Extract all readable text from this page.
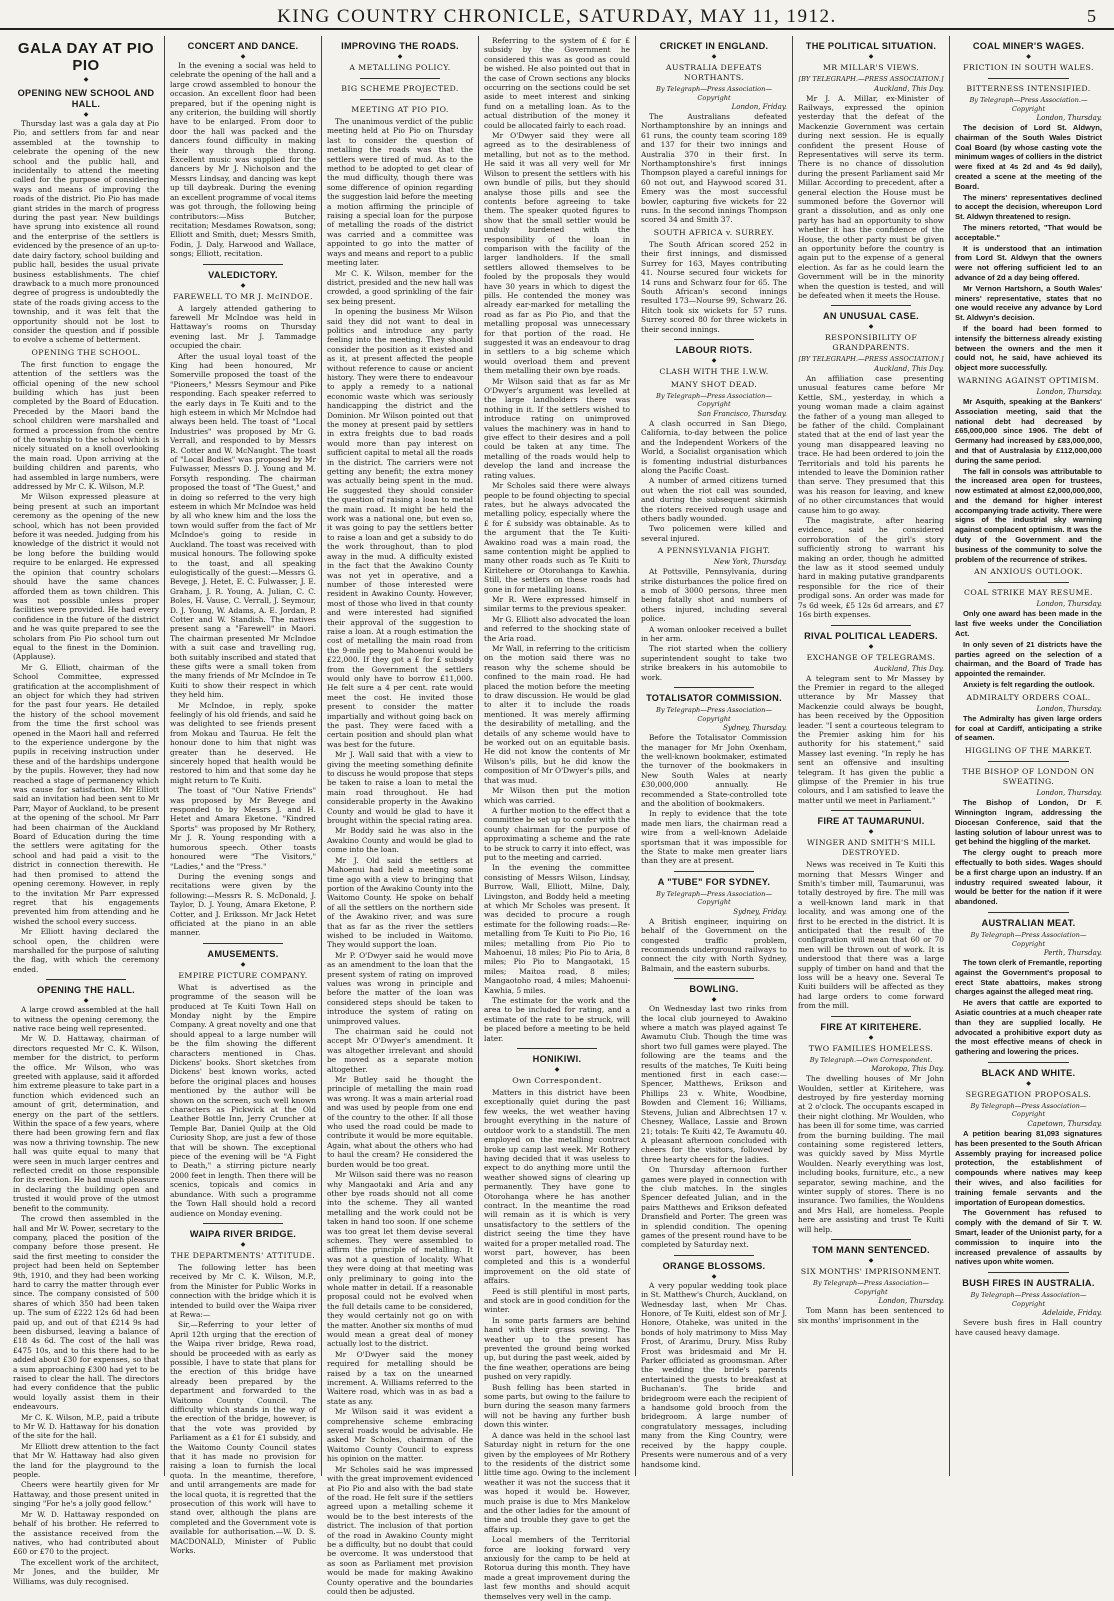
KING COUNTRY CHRONICLE, SATURDAY, MAY 11, 1912.	5
GALA DAY AT PIO PIO
◆
OPENING NEW SCHOOL AND HALL.
◆

Thursday last was a gala day at Pio Pio, and settlers from far and near assembled at the township to celebrate the opening of the new school and the public hall, and incidentally to attend the meeting called for the purpose of considering ways and means of improving the roads of the district. Pio Pio has made giant strides in the march of progress during the past year. New buildings have sprung into existence all round and the enterprise of the settlers is evidenced by the presence of an up-to-date dairy factory, school building and public hall, besides the usual private business establishments. The chief drawback to a much more pronounced degree of progress is undoubtedly the state of the roads giving access to the township, and it was felt that the opportunity should not be lost to consider the question and if possible to evolve a scheme of betterment.

OPENING THE SCHOOL.

The first function to engage the attention of the settlers was the official opening of the new school building which has just been completed by the Board of Education. Preceded by the Maori band the school children were marshalled and formed a procession from the centre of the township to the school which is nicely situated on a knoll overlooking the main road. Upon arriving at the building children and parents, who had assembled in large numbers, were addressed by Mr C. K. Wilson, M.P.

Mr Wilson expressed pleasure at being present at such an important ceremony as the opening of the new school, which has not been provided before it was needed. Judging from his knowledge of the district it would not be long before the building would require to be enlarged. He expressed the opinion that country scholars should have the same chances afforded them as town children. This was not possible unless proper facilities were provided. He had every confidence in the future of the district and he was quite prepared to see the scholars from Pio Pio school turn out equal to the finest in the Dominion. (Applause).

Mr G. Elliott, chairman of the School Committee, expressed gratification at the accomplishment of an object for which they had striven for the past four years. He detailed the history of the school movement from the time the first school was opened in the Maori hall and referred to the experience undergone by the pupils in receiving instruction under these and of the hardships undergone by the pupils. However, they had now reached a stage of permanency which was cause for satisfaction. Mr Elliott said an invitation had been sent to Mr Parr, Mayor of Auckland, to be present at the opening of the school. Mr Parr had been chairman of the Auckland Board of Education during the time the settlers were agitating for the school and had paid a visit to the district in connection therewith. He had then promised to attend the opening ceremony. However, in reply to the invitation Mr Parr expressed regret that his engagements prevented him from attending and he wished the school every success.

Mr Elliott having declared the school open, the children were marshalled for the purpose of saluting the flag, with which the ceremony ended.

OPENING THE HALL.
◆

A large crowd assembled at the hall to witness the opening ceremony, the native race being well represented.

Mr W. D. Hattaway, chairman of directors requested Mr C. K. Wilson, member for the district, to perform the office. Mr Wilson, who was greeted with applause, said it afforded him extreme pleasure to take part in a function which evidenced such an amount of grit, determination, and energy on the part of the settlers. Within the space of a few years, where there had been growing fern and flax was now a thriving township. The new hall was quite equal to many that were seen in much larger centres and reflected credit on those responsible for its erection. He had much pleasure in declaring the building open and trusted it would prove of the utmost benefit to the community.

The crowd then assembled in the hall and Mr W. Power, secretary to the company, placed the position of the company before those present. He said the first meeting to consider the project had been held on September 9th, 1910, and they had been working hard to carry the matter through ever since. The company consisted of 500 shares of which 350 had been taken up. The sum of £222 12s 6d had been paid up, and out of that £214 9s had been disbursed, leaving a balance of £18 4s 6d. The cost of the hall was £475 10s, and to this there had to be added about £30 for expenses, so that a sum approaching £300 had yet to be raised to clear the hall. The directors had every confidence that the public would loyally assist them in their endeavours.

Mr C. K. Wilson, M.P., paid a tribute to Mr W. D. Hattaway for his donation of the site for the hall.

Mr Elliott drew attention to the fact that Mr W. Hattaway had also given the land for the playground to the people.

Cheers were heartily given for Mr Hattaway, and those present united in singing "For he's a jolly good fellow."

Mr W. D. Hattaway responded on behalf of his brother. He referred to the assistance received from the natives, who had contributed about £60 or £70 to the project.

The excellent work of the architect, Mr Jones, and the builder, Mr Williams, was duly recognised.

CONCERT AND DANCE.
◆

In the evening a social was held to celebrate the opening of the hall and a large crowd assembled to honour the occasion. An excellent floor had been prepared, but if the opening night is any criterion, the building will shortly have to be enlarged. From door to door the hall was packed and the dancers found difficulty in making their way through the throng. Excellent music was supplied for the dancers by Mr J. Nicholson and the Messrs Lindsay, and dancing was kept up till daybreak. During the evening an excellent programme of vocal items was got through, the following being contributors:—Miss Butcher, recitation; Mesdames Rowatson, song; Elliott and Smith, duet; Messrs Smith, Fodin, J. Daly, Harwood and Wallace, songs; Elliott, recitation.

VALEDICTORY.
◆
FAREWELL TO MR J. McINDOE.

A largely attended gathering to farewell Mr McIndoe was held in Hattaway's rooms on Thursday evening last. Mr J. Tammadge occupied the chair.

After the usual loyal toast of the King had been honoured, Mr Somerville proposed the toast of the "Pioneers," Messrs Seymour and Pike responding. Each speaker referred to the early days in Te Kuiti and to the high esteem in which Mr McIndoe had always been held. The toast of "Local Industries" was proposed by Mr G. Verrall, and responded to by Messrs R. Cotter and W. McNaught. The toast of "Local Bodies" was proposed by Mr Fulwasser, Messrs D. J. Young and M. Forsyth responding. The chairman proposed the toast of "The Guest," and in doing so referred to the very high esteem in which Mr McIndoe was held by all who knew him and the loss the town would suffer from the fact of Mr McIndoe's going to reside in Auckland. The toast was received with musical honours. The following spoke to the toast, and all speaking eulogistically of the guest:—Messrs G. Bevege, J. Hetet, E. C. Fulwasser, J. E. Graham, J. R. Young, A. Julian, C. C. Boles, H. Vause, C. Verrall, J. Seymour, D. J. Young, W. Adams, A. E. Jordan, P. Cotter and W. Standish. The natives present sang a "Farewell" in Maori. The chairman presented Mr McIndoe with a suit case and travelling rug, both suitably inscribed and stated that these gifts were a small token from the many friends of Mr McIndoe in Te Kuiti to show their respect in which they held him.

Mr McIndoe, in reply, spoke feelingly of his old friends, and said he was delighted to see friends present from Mokau and Taurua. He felt the honour done to him that night was greater than he deserved. He sincerely hoped that health would be restored to him and that some day he might return to Te Kuiti.

The toast of "Our Native Friends" was proposed by Mr Bevege and responded to by Messrs J. and H. Hetet and Amara Eketone. "Kindred Sports" was proposed by Mr Rothery, Mr J. R. Young responding with a humorous speech. Other toasts honoured were "The Visitors," "Ladies," and the "Press."

During the evening songs and recitations were given by the following:—Messrs R. S. McDonald, J. Taylor, D. J. Young, Amara Eketone, P. Cotter, and J. Eriksson. Mr Jack Hetet officiated at the piano in an able manner.

AMUSEMENTS.
◆
EMPIRE PICTURE COMPANY.

What is advertised as the programme of the season will be produced at Te Kuiti Town Hall on Monday night by the Empire Company. A great novelty and one that should appeal to a large number will be the film showing the different characters mentioned in Chas. Dickens' books. Short sketches from Dickens' best known works, acted before the original places and houses mentioned by the author will be shown on the screen, such well known characters as Pickwick at the Old Leather Bottle Inn, Jerry Cruncher at Temple Bar, Daniel Quilp at the Old Curiosity Shop, are just a few of those that will be shown. The exceptional piece of the evening will be "A Fight to Death," a stirring picture nearly 2000 feet in length. Then there will be scenics, topicals and comics in abundance. With such a programme the Town Hall should hold a record audience on Monday evening.

WAIPA RIVER BRIDGE.
◆
THE DEPARTMENTS' ATTITUDE.

The following letter has been received by Mr C. K. Wilson, M.P., from the Minister for Public Works in connection with the bridge which it is intended to build over the Waipa river at Rewa:—

Sir,—Referring to your letter of April 12th urging that the erection of the Waipa river bridge, Rewa road, should be proceeded with as early as possible, I have to state that plans for the erection of this bridge have already been prepared by the department and forwarded to the Waitomo County Council. The difficulty which stands in the way of the erection of the bridge, however, is that the vote was provided by Parliament as a £1 for £1 subsidy, and the Waitomo County Council states that it has made no provision for raising a loan to furnish the local quota. In the meantime, therefore, and until arrangements are made for the local quota, it is regretted that the prosecution of this work will have to stand over, although the plans are completed and the Government vote is available for authorisation.—W. D. S. MACDONALD, Minister of Public Works.

IMPROVING THE ROADS.
◆
A METALLING POLICY.
BIG SCHEME PROJECTED.
MEETING AT PIO PIO.

The unanimous verdict of the public meeting held at Pio Pio on Thursday last to consider the question of metalling the roads was that the settlers were tired of mud. As to the method to be adopted to get clear of the mud difficulty, though there was some difference of opinion regarding the suggestion laid before the meeting a motion affirming the principle of raising a special loan for the purpose of metalling the roads of the district was carried and a committee was appointed to go into the matter of ways and means and report to a public meeting later.

Mr C. K. Wilson, member for the district, presided and the new hall was crowded, a good sprinkling of the fair sex being present.

In opening the business Mr Wilson said they did not want to deal in politics and introduce any party feeling into the meeting. They should consider the position as it existed and as it, at present affected the people without reference to cause or ancient history. They were there to endeavour to apply a remedy to a national economic waste which was seriously handicapping the district and the Dominion. Mr Wilson pointed out that the money at present paid by settlers in extra freights due to bad roads would more than pay interest on sufficient capital to metal all the roads in the district. The carriers were not getting any benefit; the extra money was actually being spent in the mud. He suggested they should consider the question of raising a loan to metal the main road. It might be held the work was a national one, but even so, it was going to pay the settlers better to raise a loan and get a subsidy to do the work throughout, than to plod away in the mud. A difficulty existed in the fact that the Awakino County was not yet in operative, and a number of those interested were resident in Awakino County. However, most of those who lived in that county and were interested had signified their approval of the suggestion to raise a loan. At a rough estimation the cost of metalling the main road from the 9-mile peg to Mahoenui would be £22,000. If they got a £ for £ subsidy from the Government the settlers would only have to borrow £11,000. He felt sure a 4 per cent. rate would meet the cost. He invited those present to consider the matter impartially and without going back on the past. They were faced with a certain position and should plan what was best for the future.

Mr J. Wall said that with a view to giving the meeting something definite to discuss he would propose that steps be taken to raise a loan to metal the main road throughout. He had considerable property in the Awakino County and would be glad to have it brought within the special rating area.

Mr Boddy said he was also in the Awakino County and would be glad to come into the loan.

Mr J. Old said the settlers at Mahoenui had held a meeting some time ago with a view to bringing that portion of the Awakino County into the Waitomo County. He spoke on behalf of all the settlers on the northern side of the Awakino river, and was sure that as far as the river the settlers wished to be included in Waitomo. They would support the loan.

Mr P. O'Dwyer said he would move as an amendment to the loan that the present system of rating on improved values was wrong in principle and before the matter of the loan was considered steps should be taken to introduce the system of rating on unimproved values.

The chairman said he could not accept Mr O'Dwyer's amendment. It was altogether irrelevant and should be moved as a separate motion altogether.

Mr Butley said he thought the principle of metalling the main road was wrong. It was a main arterial road and was used by people from one end of the country to the other. If all those who used the road could be made to contribute it would be more equitable. Again, what about the others who had to haul the cream? He considered the burden would be too great.

Mr Wilson said there was no reason why Mangaotaki and Aria and any other bye roads should not all come into the scheme. They all wanted metalling and the work could not be taken in hand too soon. If one scheme was too great let them devise several schemes. They were assembled to affirm the principle of metalling. It was not a question of locality. What they were doing at that meeting was only preliminary to going into the whole matter in detail. If a reasonable proposal could not be evolved when the full details came to be considered, they would certainly not go on with the matter. Another six months of mud would mean a great deal of money actually lost to the district.

Mr O'Dwyer said the money required for metalling should be raised by a tax on the unearned increment. A. Williams referred to the Waitere road, which was in as bad a state as any.

Mr Wilson said it was evident a comprehensive scheme embracing several roads would be advisable. He asked Mr Scholes, chairman of the Waitomo County Council to express his opinion on the matter.

Mr Scholes said he was impressed with the great improvement evidenced at Pio Pio and also with the bad state of the road. He felt sure if the settlers agreed upon a metalling scheme it would be to the best interests of the district. The inclusion of that portion of the road in Awakino County might be a difficulty, but no doubt that could be overcome. It was understood that as soon as Parliament met provision would be made for making Awakino County operative and the boundaries could then be adjusted.

Referring to the system of £ for £ subsidy by the Government he considered this was as good as could be wished. He also pointed out that in the case of Crown sections any blocks occurring on the sections could be set aside to meet interest and sinking fund on a metalling loan. As to the actual distribution of the money it could be allocated fairly to each road.

Mr O'Dwyer said they were all agreed as to the desirableness of metalling, but not as to the method. He said it was all very well for Mr Wilson to present the settlers with his own bundle of pills, but they should analyse those pills and see the contents before agreeing to take them. The speaker quoted figures to show that the small settler would be unduly burdened with the responsibility of the loan in comparison with the facility of the larger landholders. If the small settlers allowed themselves to be fooled by the proposals they would have 30 years in which to digest the pills. He contended the money was already ear-marked for metalling the road as far as Pio Pio, and that the metalling proposal was unnecessary for that portion of the road. He suggested it was an endeavour to drag in settlers to a big scheme which would overload them and prevent them metalling their own bye roads.

Mr Wilson said that as far as Mr O'Dwyer's argument was levelled at the large landholders there was nothing in it. If the settlers wished to introduce rating on unimproved values the machinery was in hand to give effect to their desires and a poll could be taken at any time. The metalling of the roads would help to develop the land and increase the rating values.

Mr Scholes said there were always people to be found objecting to special rates, but he always advocated the metalling policy, especially where the £ for £ subsidy was obtainable. As to the argument that the Te Kuiti-Awakino road was a main road, the same contention might be applied to many other roads such as Te Kuiti to Kiritehere or Otorohanga to Kawhia. Still, the settlers on these roads had gone in for metalling loans.

Mr R. Were expressed himself in similar terms to the previous speaker.

Mr G. Elliott also advocated the loan and referred to the shocking state of the Aria road.

Mr Wall, in referring to the criticism on the motion said there was no reason why the scheme should be confined to the main road. He had placed the motion before the meeting to draw discussion. He would be glad to alter it to include the roads mentioned. It was merely affirming the desirability of metalling, and the details of any scheme would have to be worked out on an equitable basis. He did not know the contents of Mr Wilson's pills, but he did know the composition of Mr O'Dwyer's pills, and that was mud.

Mr Wilson then put the motion which was carried.

A further motion to the effect that a committee be set up to confer with the county chairman for the purpose of approximating a scheme and the rate to be struck to carry it into effect, was put to the meeting and carried.

In the evening the committee consisting of Messrs Wilson, Lindsay, Burrow, Wall, Elliott, Milne, Daly, Livingston, and Boddy held a meeting at which Mr Scholes was present. It was decided to procure a rough estimate for the following roads:—Re-metalling from Te Kuiti to Pio Pio, 16 miles; metalling from Pio Pio to Mahoenui, 18 miles; Pio Pio to Aria, 8 miles; Pio Pio to Mangaotaki, 15 miles; Maitoa road, 8 miles; Mangaotoho road, 4 miles; Mahoenui-Kawhia, 5 miles.

The estimate for the work and the area to be included for rating, and a estimate of the rate to be struck, will be placed before a meeting to be held later.

HONIKIWI.
◆
Own Correspondent.

Matters in this district have been exceptionally quiet during the past few weeks, the wet weather having brought everything in the nature of outdoor work to a standstill. The men employed on the metalling contract broke up camp last week. Mr Rothery having decided that it was useless to expect to do anything more until the weather showed signs of clearing up permanently. They have gone to Otorohanga where he has another contract. In the meantime the road will remain as it is which is very unsatisfactory to the settlers of the district seeing the time they have waited for a proper metalled road. The worst part, however, has been completed and this is a wonderful improvement on the old state of affairs.

Feed is still plentiful in most parts, and stock are in good condition for the winter.

In some parts farmers are behind hand with their grass sowing. The weather up to the present has prevented the ground being worked up, but during the past week, aided by the fine weather, operations are being pushed on very rapidly.

Bush felling has been started in some parts, but owing to the failure to burn during the season many farmers will not be having any further bush down this winter.

A dance was held in the school last Saturday night in return for the one given by the employees of Mr Rothery to the residents of the district some little time ago. Owing to the inclement weather it was not the success that it was hoped it would be. However, much praise is due to Mrs Mankelow and the other ladies for the amount of time and trouble they gave to get the affairs up.

Local members of the Territorial force are looking forward very anxiously for the camp to be held at Rotorua during this month. They have made a great improvement during the last few months and should acquit themselves very well in the camp.

CRICKET IN ENGLAND.
◆
AUSTRALIA DEFEATS NORTHANTS.
By Telegraph—Press Association—Copyright
London, Friday.

The Australians defeated Northamptonshire by an innings and 61 runs, the county team scoring 189 and 137 for their two innings and Australia 370 in their first. In Northamptonshire's first innings Thompson played a careful innings for 60 not out, and Haywood scored 31. Emery was the most successful bowler, capturing five wickets for 22 runs. In the second innings Thompson scored 34 and Smith 37.

SOUTH AFRICA v. SURREY.

The South African scored 252 in their first innings, and dismissed Surrey for 163, Mayes contributing 41. Nourse secured four wickets for 14 runs and Schwarz four for 65. The South African's second innings resulted 173—Nourse 99, Schwarz 26. Hitch took six wickets for 57 runs. Surrey scored 80 for three wickets in their second innings.

LABOUR RIOTS.
◆
CLASH WITH THE I.W.W.
MANY SHOT DEAD.
By Telegraph—Press Association—Copyright
San Francisco, Thursday.

A clash occurred in San Diego, California, to-day between the police and the Independent Workers of the World, a Socialist organisation which is fomenting industrial disturbances along the Pacific Coast.

A number of armed citizens turned out when the riot call was sounded, and during the subsequent skirmish the rioters received rough usage and others badly wounded.

Two policemen were killed and several injured.

A PENNSYLVANIA FIGHT.
New York, Thursday.

At Pottsville, Pennsylvania, during strike disturbances the police fired on a mob of 3000 persons, three men being fatally shot and numbers of others injured, including several police.

A woman onlooker received a bullet in her arm.

The riot started when the colliery superintendent sought to take two strike breakers in his automobile to work.

TOTALISATOR COMMISSION.
By Telegraph—Press Association—Copyright
Sydney, Thursday.

Before the Totalisator Commission the manager for Mr John Oxenham, the well-known bookmaker, estimated the turnover of the bookmakers in New South Wales at nearly £30,000,000 annually. He recommended a State-controlled tote and the abolition of bookmakers.

In reply to evidence that the tote made men liars, the chairman read a wire from a well-known Adelaide sportsman that it was impossible for the State to make men greater liars than they are at present.

A "TUBE" FOR SYDNEY.
By Telegraph—Press Association—Copyright
Sydney, Friday.

A British engineer, inquiring on behalf of the Government on the congested traffic problem, recommends underground railways to connect the city with North Sydney, Balmain, and the eastern suburbs.

BOWLING.
◆

On Wednesday last two rinks from the local club journeyed to Awakino where a match was played against Te Awamutu Club. Though the time was short two full games were played. The following are the teams and the results of the matches, Te Kuiti being mentioned first in each case:—Spencer, Matthews, Erikson and Phillips 23 v. White, Woodbine, Bowden and Clement 16; Williams, Stevens, Julian and Albrechtsen 17 v. Chesney, Wallace, Lassie and Brown 21; totals: Te Kuiti 42, Te Awamutu 40. A pleasant afternoon concluded with cheers for the visitors, followed by three hearty cheers for the ladies.

On Thursday afternoon further games were played in connection with the club matches. In the singles Spencer defeated Julian, and in the pairs Matthews and Erikson defeated Dransfield and Porter. The green was in splendid condition. The opening games of the present round have to be completed by Saturday next.

ORANGE BLOSSOMS.
◆

A very popular wedding took place in St. Matthew's Church, Auckland, on Wednesday last, when Mr Chas. Honore, of Te Kuiti, eldest son of Mr J. Honore, Otaheke, was united in the bonds of holy matrimony to Miss May Frost, of Ararimu, Drury. Miss Ruby Frost was bridesmaid and Mr H. Parker officiated as groomsman. After the wedding the bride's parents entertained the guests to breakfast at Buchanan's. The bride and bridegroom were each the recipient of a handsome gold brooch from the bridegroom. A large number of congratulatory messages, including many from the King Country, were received by the happy couple. Presents were numerous and of a very handsome kind.

THE POLITICAL SITUATION.
◆
MR MILLAR'S VIEWS.
[BY TELEGRAPH.—PRESS ASSOCIATION.]
Auckland, This Day.

Mr J. A. Millar, ex-Minister of Railways, expressed the opinion yesterday that the defeat of the Mackenzie Government was certain during next session. He is equally confident the present House of Representatives will serve its term. There is no chance of dissolution during the present Parliament said Mr Millar. According to precedent, after a general election the House must be summoned before the Governor will grant a dissolution, and as only one party has had an opportunity to show whether it has the confidence of the House, the other party must be given an opportunity before the country is again put to the expense of a general election. As far as he could learn the Government will be in the minority when the question is tested, and will be defeated when it meets the House.

AN UNUSUAL CASE.
◆
RESPONSIBILITY OF GRANDPARENTS.
[BY TELEGRAPH.—PRESS ASSOCIATION.]
Auckland, This Day.

An affiliation case presenting unusual features came before Mr Kettle, SM., yesterday, in which a young woman made a claim against the father of a young man alleged to be father of the child. Complainant stated that at the end of last year the young man disappeared leaving no trace. He had been ordered to join the Territorials and told his parents he intended to leave the Dominion rather than serve. They presumed that this was his reason for leaving, and knew of no other circumstances that would cause him to go away.

The magistrate, after hearing evidence, said he considered corroboration of the girl's story sufficiently strong to warrant his making an order, though he admitted the law as it stood seemed unduly hard in making putative grandparents responsible for the rice of their prodigal sons. An order was made for 7s 6d week, £5 12s 6d arrears, and £7 16s birth expenses.

RIVAL POLITICAL LEADERS.
◆
EXCHANGE OF TELEGRAMS.
Auckland, This Day.

A telegram sent to Mr Massey by the Premier in regard to the alleged utterance by Mr Massey that Mackenzie could always be bought, has been received by the Opposition leader. "I sent a courteous telegram to the Premier asking him for his authority for his statement," said Massey last evening. "In reply he has sent an offensive and insulting telegram. It has given the public a glimpse of the Premier in his true colours, and I am satisfied to leave the matter until we meet in Parliament."

FIRE AT TAUMARUNUI.
◆
WINGER AND SMITH'S MILL DESTROYED.

News was received in Te Kuiti this morning that Messrs Winger and Smith's timber mill, Taumarunui, was totally destroyed by fire. The mill was a well-known land mark in that locality, and was among one of the first to be erected in the district. It is anticipated that the result of the conflagration will mean that 60 or 70 men will be thrown out of work. It is understood that there was a large supply of timber on hand and that the loss will be a heavy one. Several Te Kuiti builders will be affected as they had large orders to come forward from the mill.

FIRE AT KIRITEHERE.
◆
TWO FAMILIES HOMELESS.
By Telegraph.—Own Correspondent.
Marokopa, This Day.

The dwelling houses of Mr John Woulden, settler at Kiritehere, was destroyed by fire yesterday morning at 2 o'clock. The occupants escaped in their night clothing. Mr Woulden, who has been ill for some time, was carried from the burning building. The mail containing some registered letters, was quickly saved by Miss Myrtle Woulden. Nearly everything was lost, including books, furniture, etc., a new separator, sewing machine, and the winter supply of stores. There is no insurance. Two families, the Wouldens and Mrs Hall, are homeless. People here are assisting and trust Te Kuiti will help.

TOM MANN SENTENCED.
◆
SIX MONTHS' IMPRISONMENT.
By Telegraph—Press Association—Copyright
London, Thursday.

Tom Mann has been sentenced to six months' imprisonment in the

COAL MINER'S WAGES.
◆
FRICTION IN SOUTH WALES.
BITTERNESS INTENSIFIED.
By Telegraph—Press Association.—Copyright
London, Thursday.

The decision of Lord St. Aldwyn, chairman of the South Wales District Coal Board (by whose casting vote the minimum wages of colliers in the district were fixed at 4s 2d and 4s 9d daily), created a scene at the meeting of the Board.

The miners' representatives declined to accept the decision, whereupon Lord St. Aldwyn threatened to resign.

The miners retorted, "That would be acceptable."

It is understood that an intimation from Lord St. Aldwyn that the owners were not offering sufficient led to an advance of 2d a day being offered.

Mr Vernon Hartshorn, a South Wales' miners' representative, states that no one would receive any advance by Lord St. Aldwyn's decision.

If the board had been formed to intensify the bitterness already existing between the owners and the men it could not, he said, have achieved its object more successfully.

WARNING AGAINST OPTIMISM.
London, Thursday.

Mr Asquith, speaking at the Bankers' Association meeting, said that the national debt had decreased by £65,000,000 since 1906. The debt of Germany had increased by £83,000,000, and that of Australasia by £112,000,000 during the same period.

The fall in consols was attributable to the increased area open for trustees, now estimated at almost £2,000,000,000, and the demand for higher interest accompanying trade activity. There were signs of the industrial sky warning against complacent optimism. It was the duty of the Government and the business of the community to solve the problem of the recurrence of strikes.

AN ANXIOUS OUTLOOK.
COAL STRIKE MAY RESUME.
London, Thursday.

Only one award has been made in the last five weeks under the Conciliation Act.

In only seven of 21 districts have the parties agreed on the selection of a chairman, and the Board of Trade has appointed the remainder.

Anxiety is felt regarding the outlook.

ADMIRALTY ORDERS COAL.
London, Thursday.

The Admiralty has given large orders for coal at Cardiff, anticipating a strike of seamen.

HIGGLING OF THE MARKET.
THE BISHOP OF LONDON ON SWEATING.
London, Thursday.

The Bishop of London, Dr F. Winnington Ingram, addressing the Diocesan Conference, said that the lasting solution of labour unrest was to get behind the higgling of the market.

The clergy ought to preach more effectually to both sides. Wages should be a first charge upon an industry. If an industry required sweated labour, it would be better for the nation if it were abandoned.

AUSTRALIAN MEAT.
By Telegraph—Press Association—Copyright
Perth, Thursday.

The town clerk of Fremantle, reporting against the Government's proposal to erect State abattoirs, makes strong charges against the alleged meat ring.

He avers that cattle are exported to Asiatic countries at a much cheaper rate than they are supplied locally. He advocated a prohibitive export duty as the most effective means of check in gathering and lowering the prices.

BLACK AND WHITE.
◆
SEGREGATION PROPOSALS.
By Telegraph—Press Association—Copyright
Capetown, Thursday.

A petition bearing 81,093 signatures has been presented to the South African Assembly praying for increased police protection, the establishment of compounds where natives may keep their wives, and also facilities for training female servants and the importation of European domestics.

The Government has refused to comply with the demand of Sir T. W. Smart, leader of the Unionist party, for a commission to inquire into the increased prevalence of assaults by natives upon white women.

BUSH FIRES IN AUSTRALIA.
By Telegraph—Press Association—Copyright
Adelaide, Friday.

Severe bush fires in Hall country have caused heavy damage.
